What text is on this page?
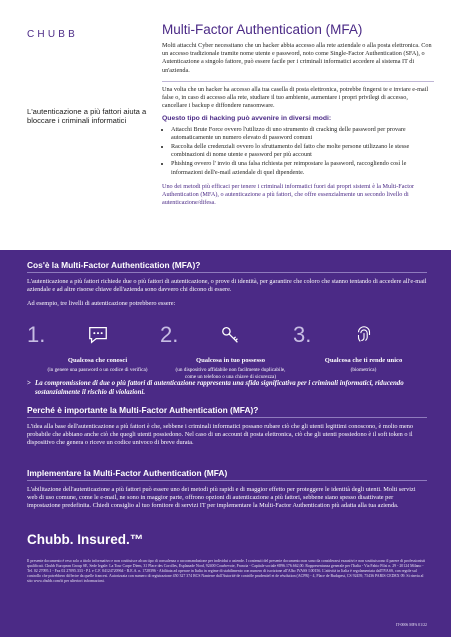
CHUBB	Multi-Factor Authentication (MFA)
L'autenticazione a più fattori aiuta a bloccare i criminali informatici

Molti attacchi Cyber necessitano che un hacker abbia accesso alla rete aziendale o alla posta elettronica. Con un accesso tradizionale tramite nome utente e password, noto come Single-Factor Authentication (SFA), o Autenticazione a singolo fattore, può essere facile per i criminali informatici accedere al sistema IT di un'azienda.

Una volta che un hacker ha accesso alla tua casella di posta elettronica, potrebbe fingersi te e inviare e-mail false o, in caso di accesso alla rete, studiare il tuo ambiente, aumentare i propri privilegi di accesso, cancellare i backup e diffondere ransomware.

Questo tipo di hacking può avvenire in diversi modi:
• Attacchi Brute Force ovvero l'utilizzo di uno strumento di cracking delle password per provare automaticamente un numero elevato di password comuni
• Raccolta delle credenziali ovvero lo sfruttamento del fatto che molte persone utilizzano le stesse combinazioni di nome utente e password per più account
• Phishing ovvero l' invio di una falsa richiesta per reimpostare la password, raccogliendo così le informazioni dell'e-mail aziendale di quel dipendente.

Uno dei metodi più efficaci per tenere i criminali informatici fuori dai propri sistemi è la Multi-Factor Authentication (MFA), o autenticazione a più fattori, che offre essenzialmente un secondo livello di autenticazione/difesa.

Cos'è la Multi-Factor Authentication (MFA)?

L'autenticazione a più fattori richiede due o più fattori di autenticazione, o prove di identità, per garantire che coloro che stanno tentando di accedere all'e-mail aziendale e ad altre risorse chiave dell'azienda sono davvero chi dicono di essere.

Ad esempio, tre livelli di autenticazione potrebbero essere:

1.
Qualcosa che conosci
(in genere una password o un codice di verifica)
2.
Qualcosa in tuo possesso
(un dispositivo affidabile non facilmente duplicabile, come un telefono o una chiave di sicurezza)
3.
Qualcosa che ti rende unico
(biometrica)
> La compromissione di due o più fattori di autenticazione rappresenta una sfida significativa per i criminali informatici, riducendo sostanzialmente il rischio di violazioni.
Perché è importante la Multi-Factor Authentication (MFA)?

L'idea alla base dell'autenticazione a più fattori è che, sebbene i criminali informatici possano rubare ciò che gli utenti legittimi conoscono, è molto meno probabile che abbiano anche ciò che quegli utenti possiedono. Nel caso di un account di posta elettronica, ciò che gli utenti possiedono è il soft token o il dispositivo che genera o riceve un codice univoco di breve durata.

Implementare la Multi-Factor Authentication (MFA)

L'abilitazione dell'autenticazione a più fattori può essere uno dei metodi più rapidi e di maggior effetto per proteggere le identità degli utenti. Molti servizi web di uso comune, come le e-mail, ne sono in maggior parte, offrono opzioni di autenticazione a più fattori, sebbene siano spesso disattivate per impostazione predefinita. Chiedi consiglio al tuo fornitore di servizi IT per implementare la Multi-Factor Authentication più adatta alla tua azienda.

Chubb. Insured.™

Il presente documento è reso solo a titolo informativo e non costituisce alcun tipo di consulenza o raccomandazione per individui o aziende. I contenuti del presente documento non sono da considerarsi esaustivi e non sostituiscono il parere di professionisti qualificati. Chubb European Group SE, Sede legale: La Tour Carpe Diem, 31 Place des Corolles, Esplanade Nord, 92400 Courbevoie, Francia - Capitale sociale €896.176.662,00. Rappresentanza generale per l'Italia - Via Fabio Filzi n. 29 - 20124 Milano - Tel. 02 27095.1 - Fax 02 27095.333 - P.I. e C.F. 04124720964 - R.E.A. n. 1728396 - Abilitata ad operare in Italia in regime di stabilimento con numero di iscrizione all'Albo IVASS I.00156. L'attività in Italia è regolamentata dall'IVASS, con regole sul controllo che potrebbero differire da quelle francesi. Autorizzata con numero di registrazione 450 327 374 RCS Nanterre dall'Autorité de contrôle prudentiel et de résolution (ACPR) - 4, Place de Budapest, CS 92459, 75436 PARIS CEDEX 09. Si rinvia al sito www.chubb.com/it per ulteriori informazioni.

IT-0006 MFA 01/22
